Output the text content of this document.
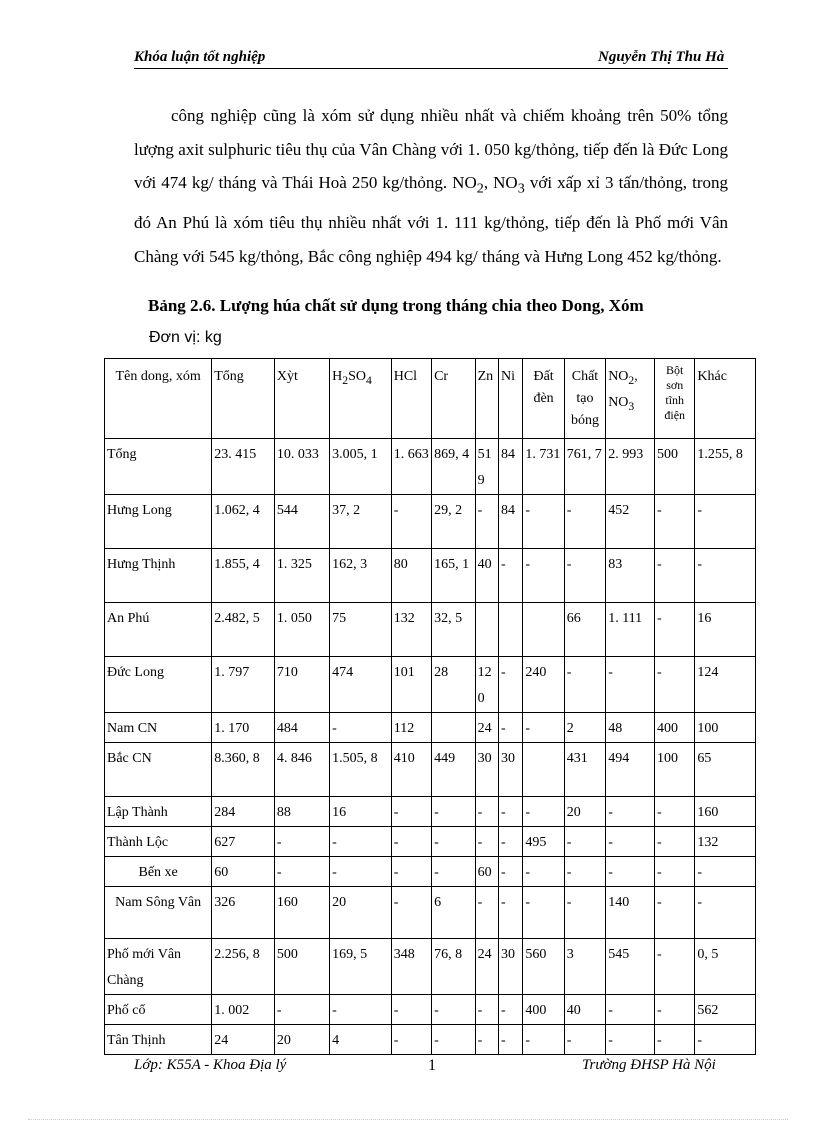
Khóa luận tốt nghiệp	Nguyễn Thị Thu Hà

công nghiệp cũng là xóm sử dụng nhiều nhất và chiếm khoảng trên 50% tổng lượng axit sulphuric tiêu thụ của Vân Chàng với 1. 050 kg/thỏng, tiếp đến là Đức Long với 474 kg/ tháng và Thái Hoà 250 kg/thỏng. $NO_2$, $NO_3$ với xấp xỉ 3 tấn/thỏng, trong đó An Phú là xóm tiêu thụ nhiều nhất với 1. 111 kg/thỏng, tiếp đến là Phố mới Vân Chàng với 545 kg/thỏng, Bắc công nghiệp 494 kg/ tháng và Hưng Long 452 kg/thỏng.

Bảng 2.6. Lượng húa chất sử dụng trong tháng chia theo Dong, Xóm
Đơn vị: kg
Tên dong, xóm	Tổng	Xỳt	$H_2SO_4$	HCl	Cr	Zn	Ni	Đất đèn	Chất tạo bóng	$NO_2$, $NO_3$	Bột sơn tĩnh điện	Khác
Tổng	23. 415	10. 033	3.005, 1	1. 663	869, 4	519	84	1. 731	761, 7	2. 993	500	1.255, 8
Hưng Long	1.062, 4	544	37, 2	-	29, 2	-	84	-	-	452	-	-
Hưng Thịnh	1.855, 4	1. 325	162, 3	80	165, 1	40	-	-	-	83	-	-
An Phú	2.482, 5	1. 050	75	132	32, 5				66	1. 111	-	16
Đức Long	1. 797	710	474	101	28	120	-	240	-	-	-	124
Nam CN	1. 170	484	-	112		24	-	-	2	48	400	100
Bắc CN	8.360, 8	4. 846	1.505, 8	410	449	30	30		431	494	100	65
Lập Thành	284	88	16	-	-	-	-	-	20	-	-	160
Thành Lộc	627	-	-	-	-	-	-	495	-	-	-	132
Bến xe	60	-	-	-	-	60	-	-	-	-	-	-
Nam Sông Vân	326	160	20	-	6	-	-	-	-	140	-	-
Phố mới Vân Chàng	2.256, 8	500	169, 5	348	76, 8	24	30	560	3	545	-	0, 5
Phố cổ	1. 002	-	-	-	-	-	-	400	40	-	-	562
Tân Thịnh	24	20	4	-	-	-	-	-	-	-	-	-
Lớp: K55A - Khoa Địa lý	1	Trường ĐHSP Hà Nội
